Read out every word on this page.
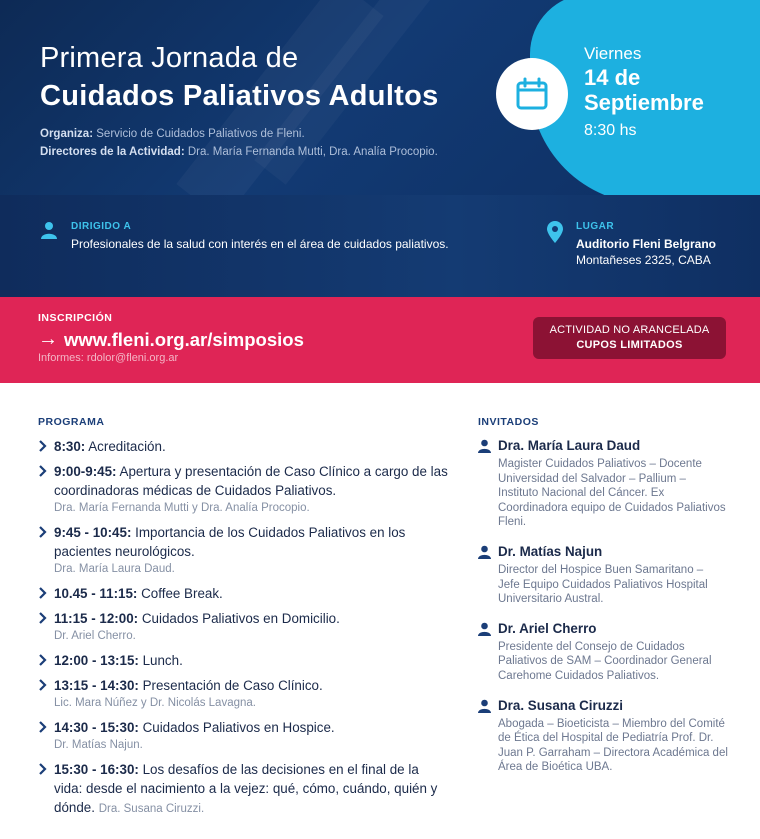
Primera Jornada de
Cuidados Paliativos Adultos
Organiza: Servicio de Cuidados Paliativos de Fleni.
Directores de la Actividad: Dra. María Fernanda Mutti, Dra. Analía Procopio.
Viernes
14 de
Septiembre
8:30 hs
DIRIGIDO A
Profesionales de la salud con interés en el área de cuidados paliativos.
LUGAR
Auditorio Fleni Belgrano
Montañeses 2325, CABA
INSCRIPCIÓN
→ www.fleni.org.ar/simposios
Informes: rdolor@fleni.org.ar
ACTIVIDAD NO ARANCELADA
CUPOS LIMITADOS
PROGRAMA
8:30: Acreditación.
9:00-9:45: Apertura y presentación de Caso Clínico a cargo de las coordinadoras médicas de Cuidados Paliativos.
Dra. María Fernanda Mutti y Dra. Analía Procopio.
9:45 - 10:45: Importancia de los Cuidados Paliativos en los pacientes neurológicos.
Dra. María Laura Daud.
10.45 - 11:15: Coffee Break.
11:15 - 12:00: Cuidados Paliativos en Domicilio.
Dr. Ariel Cherro.
12:00 - 13:15: Lunch.
13:15 - 14:30: Presentación de Caso Clínico.
Lic. Mara Núñez y Dr. Nicolás Lavagna.
14:30 - 15:30: Cuidados Paliativos en Hospice.
Dr. Matías Najun.
15:30 - 16:30: Los desafíos de las decisiones en el final de la vida: desde el nacimiento a la vejez: qué, cómo, cuándo, quién y dónde. Dra. Susana Ciruzzi.
INVITADOS
Dra. María Laura Daud
Magister Cuidados Paliativos – Docente Universidad del Salvador – Pallium – Instituto Nacional del Cáncer. Ex Coordinadora equipo de Cuidados Paliativos Fleni.
Dr. Matías Najun
Director del Hospice Buen Samaritano – Jefe Equipo Cuidados Paliativos Hospital Universitario Austral.
Dr. Ariel Cherro
Presidente del Consejo de Cuidados Paliativos de SAM – Coordinador General Carehome Cuidados Paliativos.
Dra. Susana Ciruzzi
Abogada – Bioeticista – Miembro del Comité de Ética del Hospital de Pediatría Prof. Dr. Juan P. Garraham – Directora Académica del Área de Bioética UBA.
